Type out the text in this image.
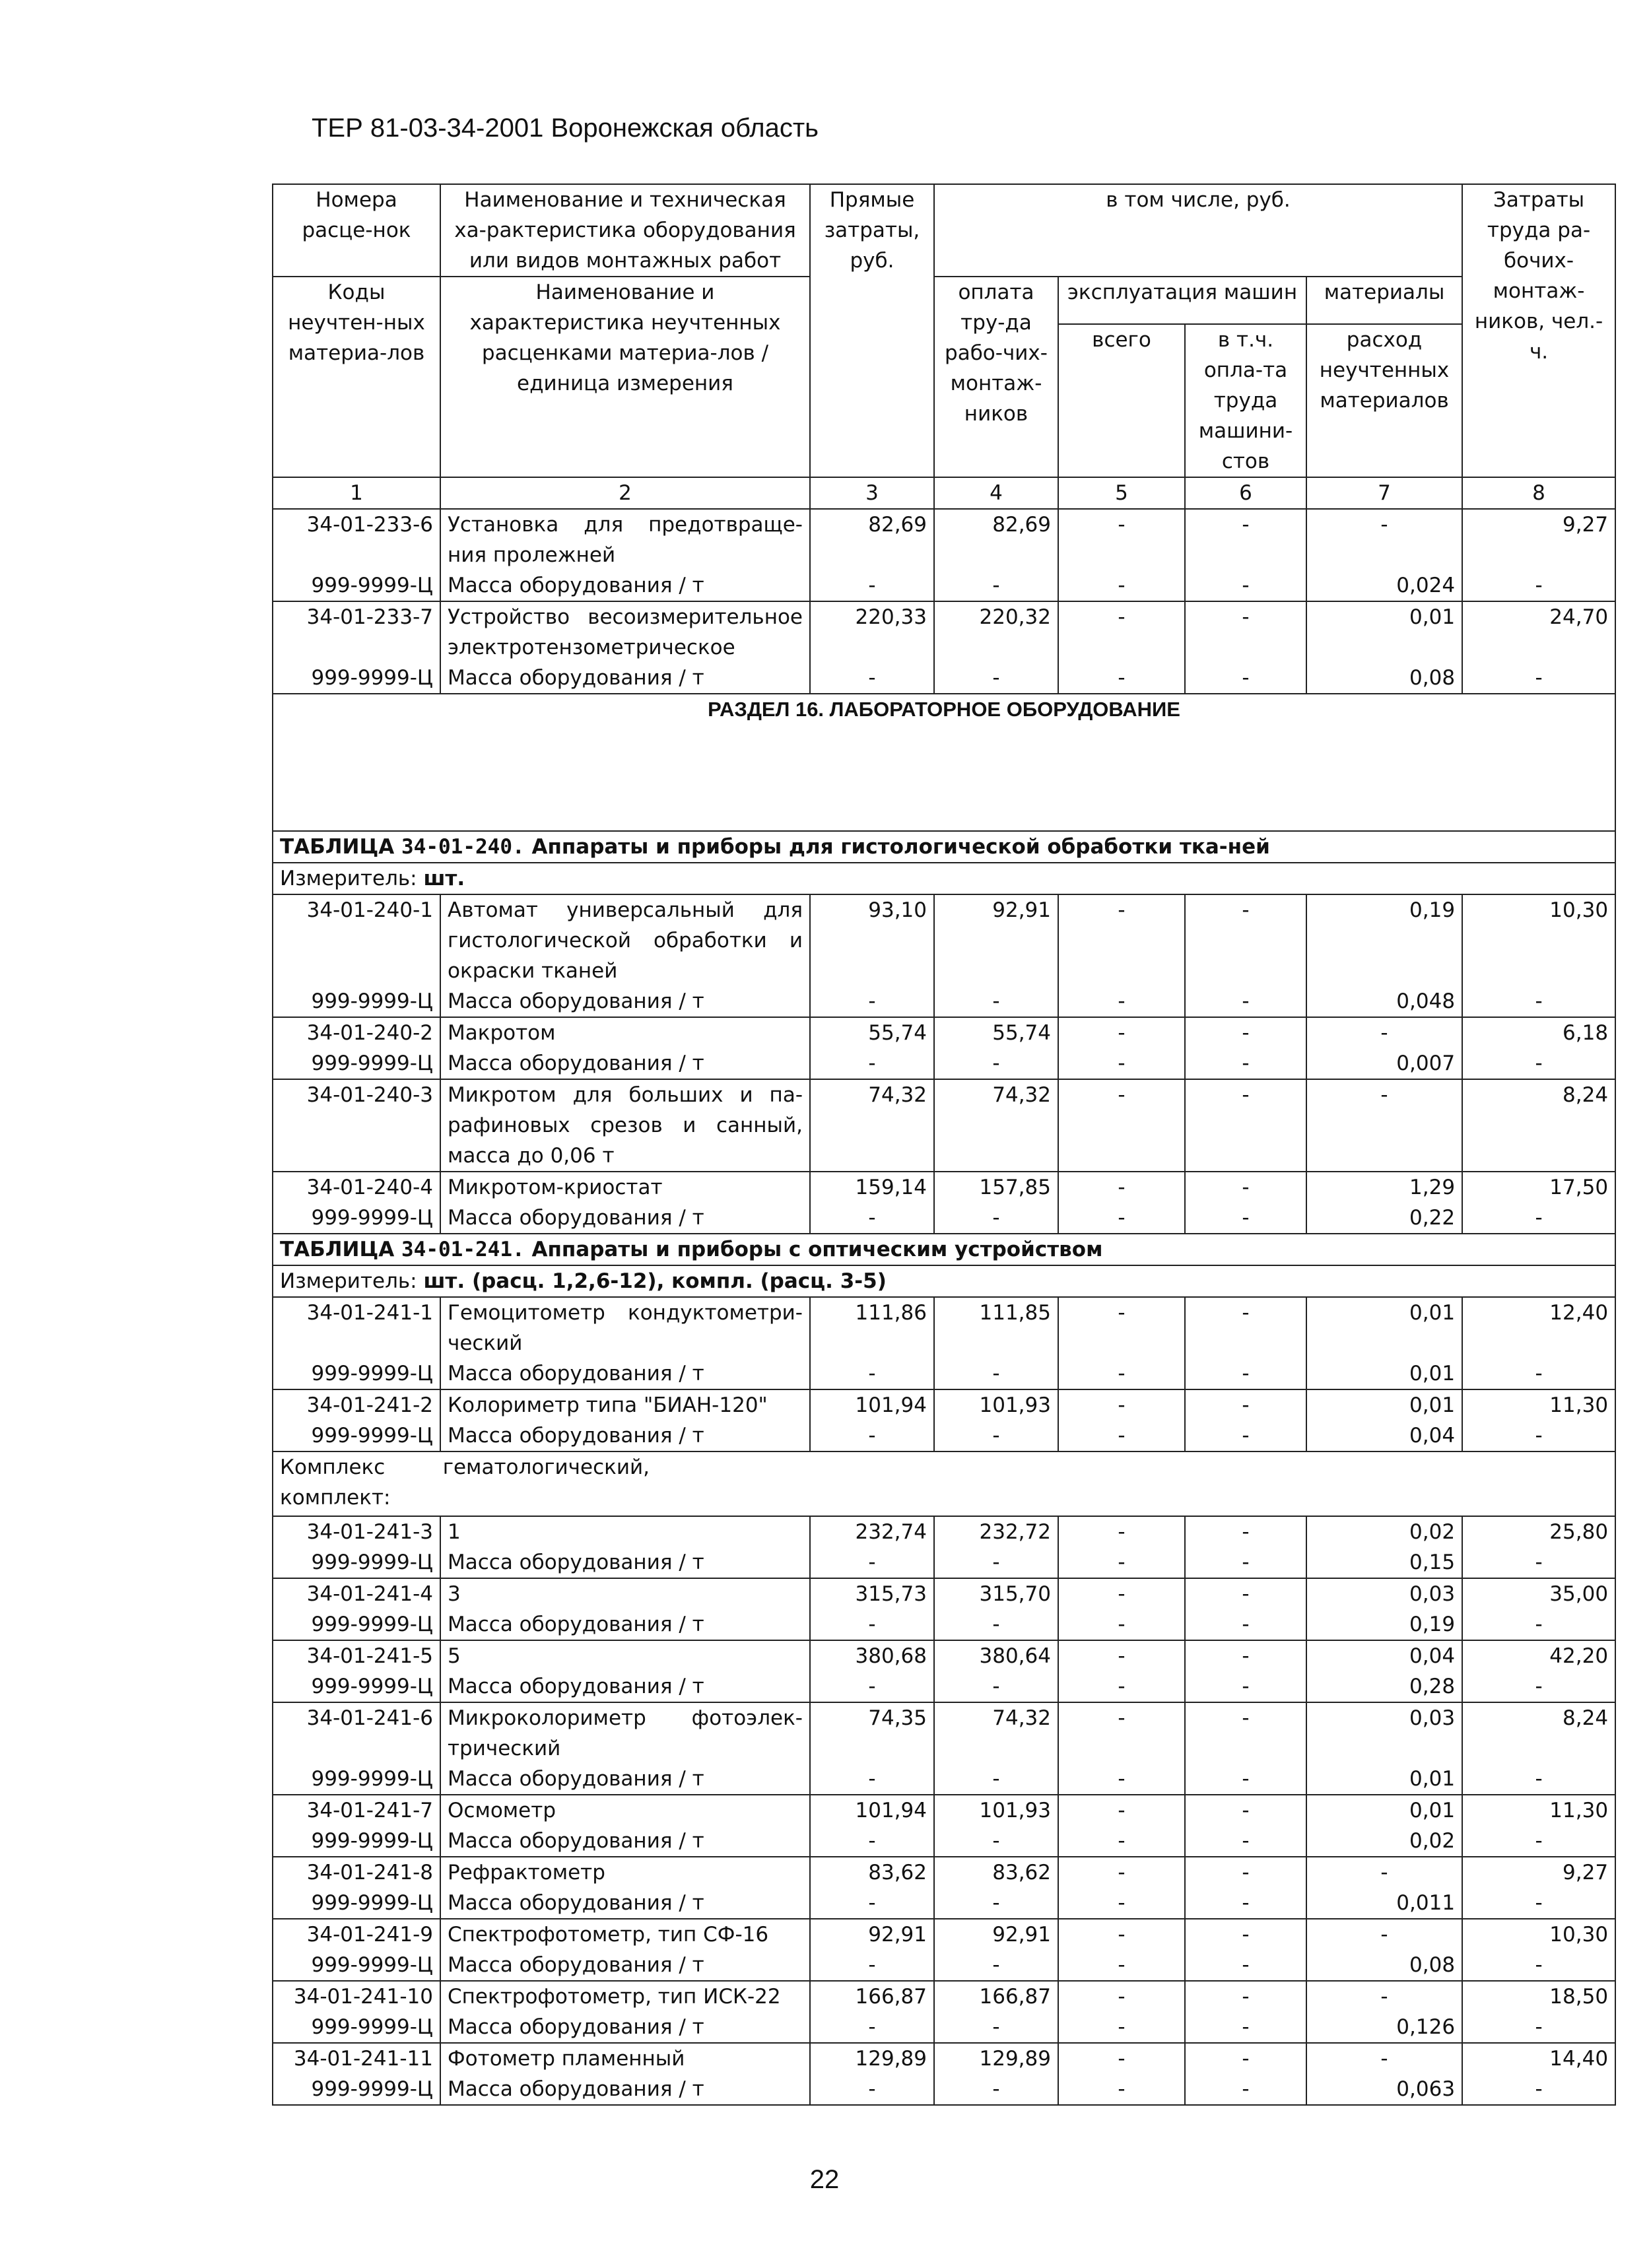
ТЕР 81-03-34-2001 Воронежская область
Номера расце-нок	Наименование и техническая ха-рактеристика оборудования или видов монтажных работ	Прямые затраты, руб.	в том числе, руб.				Затраты труда ра-бочих-монтаж-ников, чел.-ч.
Коды неучтен-ных материа-лов	Наименование и характеристика неучтенных расценками материа-лов / единица измерения		оплата тру-да рабо-чих-монтаж-ников	эксплуатация машин		материалы	
				всего	в т.ч. опла-та труда машини-стов	расход неучтенных материалов	
1	2	3	4	5	6	7	8
34-01-233-6	Установка для предотвраще-ния пролежней	82,69	82,69	-	-	-	9,27
999-9999-Ц	Масса оборудования / т	-	-	-	-	0,024	-
34-01-233-7	Устройство весоизмерительное электротензометрическое	220,33	220,32	-	-	0,01	24,70
999-9999-Ц	Масса оборудования / т	-	-	-	-	0,08	-
РАЗДЕЛ 16. ЛАБОРАТОРНОЕ ОБОРУДОВАНИЕ							
ТАБЛИЦА 34-01-240. Аппараты и приборы для гистологической обработки тка-ней							
Измеритель: шт.							
34-01-240-1	Автомат универсальный для гистологической обработки и окраски тканей	93,10	92,91	-	-	0,19	10,30
999-9999-Ц	Масса оборудования / т	-	-	-	-	0,048	-
34-01-240-2	Макротом	55,74	55,74	-	-	-	6,18
999-9999-Ц	Масса оборудования / т	-	-	-	-	0,007	-
34-01-240-3	Микротом для больших и па-рафиновых срезов и санный, масса до 0,06 т	74,32	74,32	-	-	-	8,24
34-01-240-4	Микротом-криостат	159,14	157,85	-	-	1,29	17,50
999-9999-Ц	Масса оборудования / т	-	-	-	-	0,22	-
ТАБЛИЦА 34-01-241. Аппараты и приборы с оптическим устройством							
Измеритель: шт. (расц. 1,2,6-12), компл. (расц. 3-5)							
34-01-241-1	Гемоцитометр кондуктометри-ческий	111,86	111,85	-	-	0,01	12,40
999-9999-Ц	Масса оборудования / т	-	-	-	-	0,01	-
34-01-241-2	Колориметр типа "БИАН-120"	101,94	101,93	-	-	0,01	11,30
999-9999-Ц	Масса оборудования / т	-	-	-	-	0,04	-

Комплекс гематологический, комплект:							

34-01-241-3	1	232,74	232,72	-	-	0,02	25,80
999-9999-Ц	Масса оборудования / т	-	-	-	-	0,15	-
34-01-241-4	3	315,73	315,70	-	-	0,03	35,00
999-9999-Ц	Масса оборудования / т	-	-	-	-	0,19	-
34-01-241-5	5	380,68	380,64	-	-	0,04	42,20
999-9999-Ц	Масса оборудования / т	-	-	-	-	0,28	-
34-01-241-6	Микроколориметр фотоэлек-трический	74,35	74,32	-	-	0,03	8,24
999-9999-Ц	Масса оборудования / т	-	-	-	-	0,01	-
34-01-241-7	Осмометр	101,94	101,93	-	-	0,01	11,30
999-9999-Ц	Масса оборудования / т	-	-	-	-	0,02	-
34-01-241-8	Рефрактометр	83,62	83,62	-	-	-	9,27
999-9999-Ц	Масса оборудования / т	-	-	-	-	0,011	-
34-01-241-9	Спектрофотометр, тип СФ-16	92,91	92,91	-	-	-	10,30
999-9999-Ц	Масса оборудования / т	-	-	-	-	0,08	-
34-01-241-10	Спектрофотометр, тип ИСК-22	166,87	166,87	-	-	-	18,50
999-9999-Ц	Масса оборудования / т	-	-	-	-	0,126	-
34-01-241-11	Фотометр пламенный	129,89	129,89	-	-	-	14,40
999-9999-Ц	Масса оборудования / т	-	-	-	-	0,063	-
22
